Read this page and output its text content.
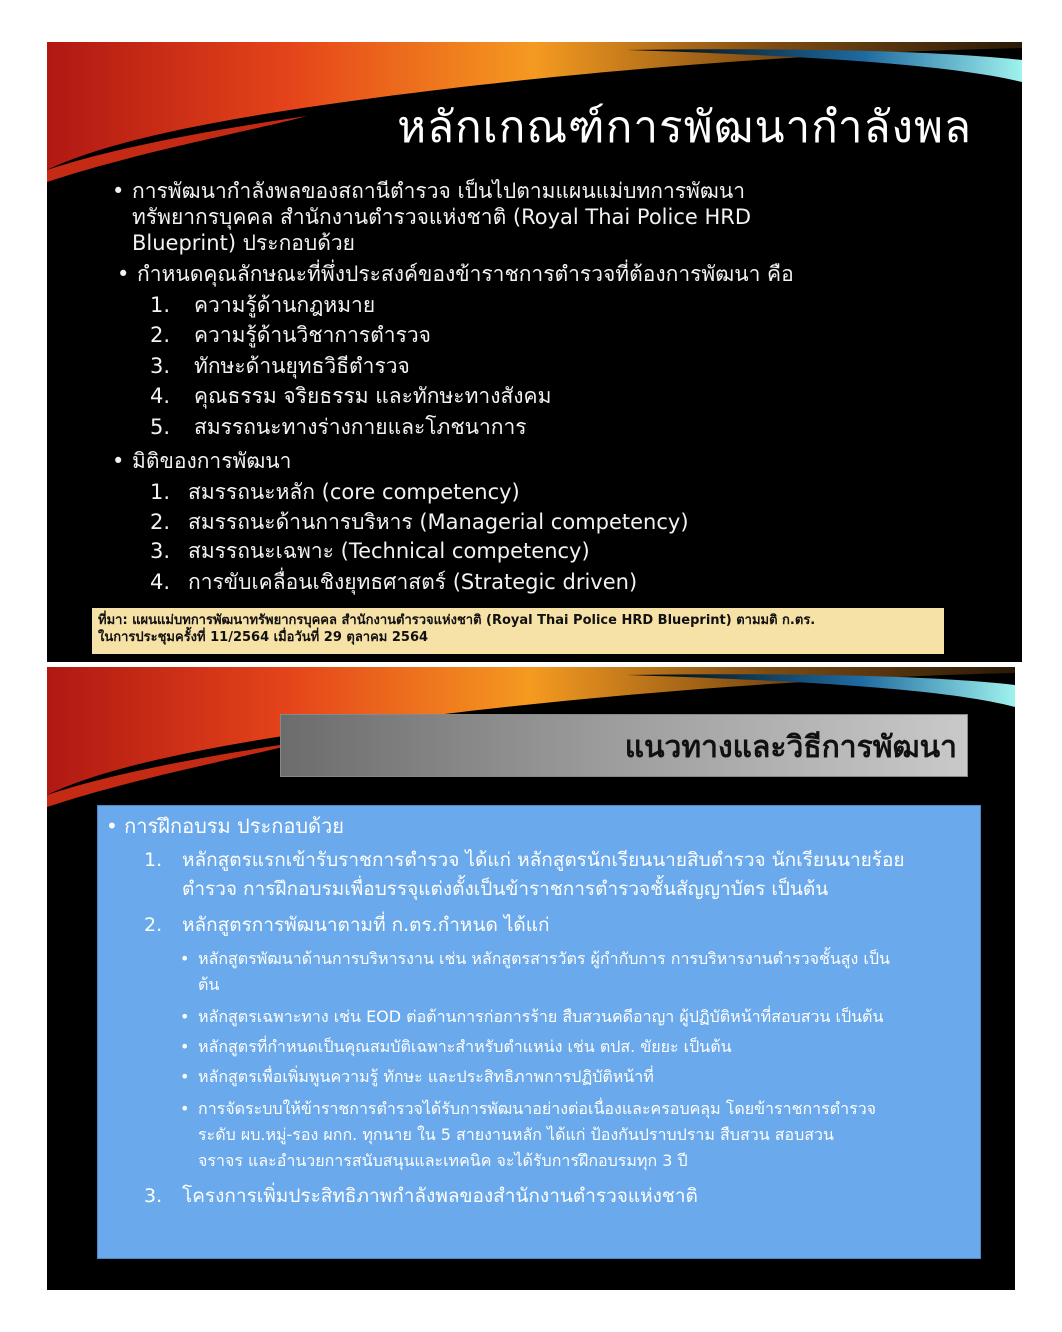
หลักเกณฑ์การพัฒนากำลังพล
• การพัฒนากำลังพลของสถานีตำรวจ เป็นไปตามแผนแม่บทการพัฒนา
ทรัพยากรบุคคล สำนักงานตำรวจแห่งชาติ (Royal Thai Police HRD
Blueprint) ประกอบด้วย
• กำหนดคุณลักษณะที่พึ่งประสงค์ของข้าราชการตำรวจที่ต้องการพัฒนา คือ
1. ความรู้ด้านกฎหมาย
2. ความรู้ด้านวิชาการตำรวจ
3. ทักษะด้านยุทธวิธีตำรวจ
4. คุณธรรม จริยธรรม และทักษะทางสังคม
5. สมรรถนะทางร่างกายและโภชนาการ
• มิติของการพัฒนา
1. สมรรถนะหลัก (core competency)
2. สมรรถนะด้านการบริหาร (Managerial competency)
3. สมรรถนะเฉพาะ (Technical competency)
4. การขับเคลื่อนเชิงยุทธศาสตร์ (Strategic driven)
ที่มา: แผนแม่บทการพัฒนาทรัพยากรบุคคล สำนักงานตำรวจแห่งชาติ (Royal Thai Police HRD Blueprint) ตามมติ ก.ตร.
ในการประชุมครั้งที่ 11/2564 เมื่อวันที่ 29 ตุลาคม 2564
แนวทางและวิธีการพัฒนา
• การฝึกอบรม ประกอบด้วย
1. หลักสูตรแรกเข้ารับราชการตำรวจ ได้แก่ หลักสูตรนักเรียนนายสิบตำรวจ นักเรียนนายร้อย
ตำรวจ การฝึกอบรมเพื่อบรรจุแต่งตั้งเป็นข้าราชการตำรวจชั้นสัญญาบัตร เป็นต้น
2. หลักสูตรการพัฒนาตามที่ ก.ตร.กำหนด ได้แก่
• หลักสูตรพัฒนาด้านการบริหารงาน เช่น หลักสูตรสารวัตร ผู้กำกับการ การบริหารงานตำรวจชั้นสูง เป็น
ต้น
• หลักสูตรเฉพาะทาง เช่น EOD ต่อต้านการก่อการร้าย สืบสวนคดีอาญา ผู้ปฏิบัติหน้าที่สอบสวน เป็นต้น
• หลักสูตรที่กำหนดเป็นคุณสมบัติเฉพาะสำหรับตำแหน่ง เช่น ตปส. ขัยยะ เป็นต้น
• หลักสูตรเพื่อเพิ่มพูนความรู้ ทักษะ และประสิทธิภาพการปฏิบัติหน้าที่
• การจัดระบบให้ข้าราชการตำรวจได้รับการพัฒนาอย่างต่อเนื่องและครอบคลุม โดยข้าราชการตำรวจ
ระดับ ผบ.หมู่-รอง ผกก. ทุกนาย ใน 5 สายงานหลัก ได้แก่ ป้องกันปราบปราม สืบสวน สอบสวน
จราจร และอำนวยการสนับสนุนและเทคนิค จะได้รับการฝึกอบรมทุก 3 ปี
3. โครงการเพิ่มประสิทธิภาพกำลังพลของสำนักงานตำรวจแห่งชาติ
